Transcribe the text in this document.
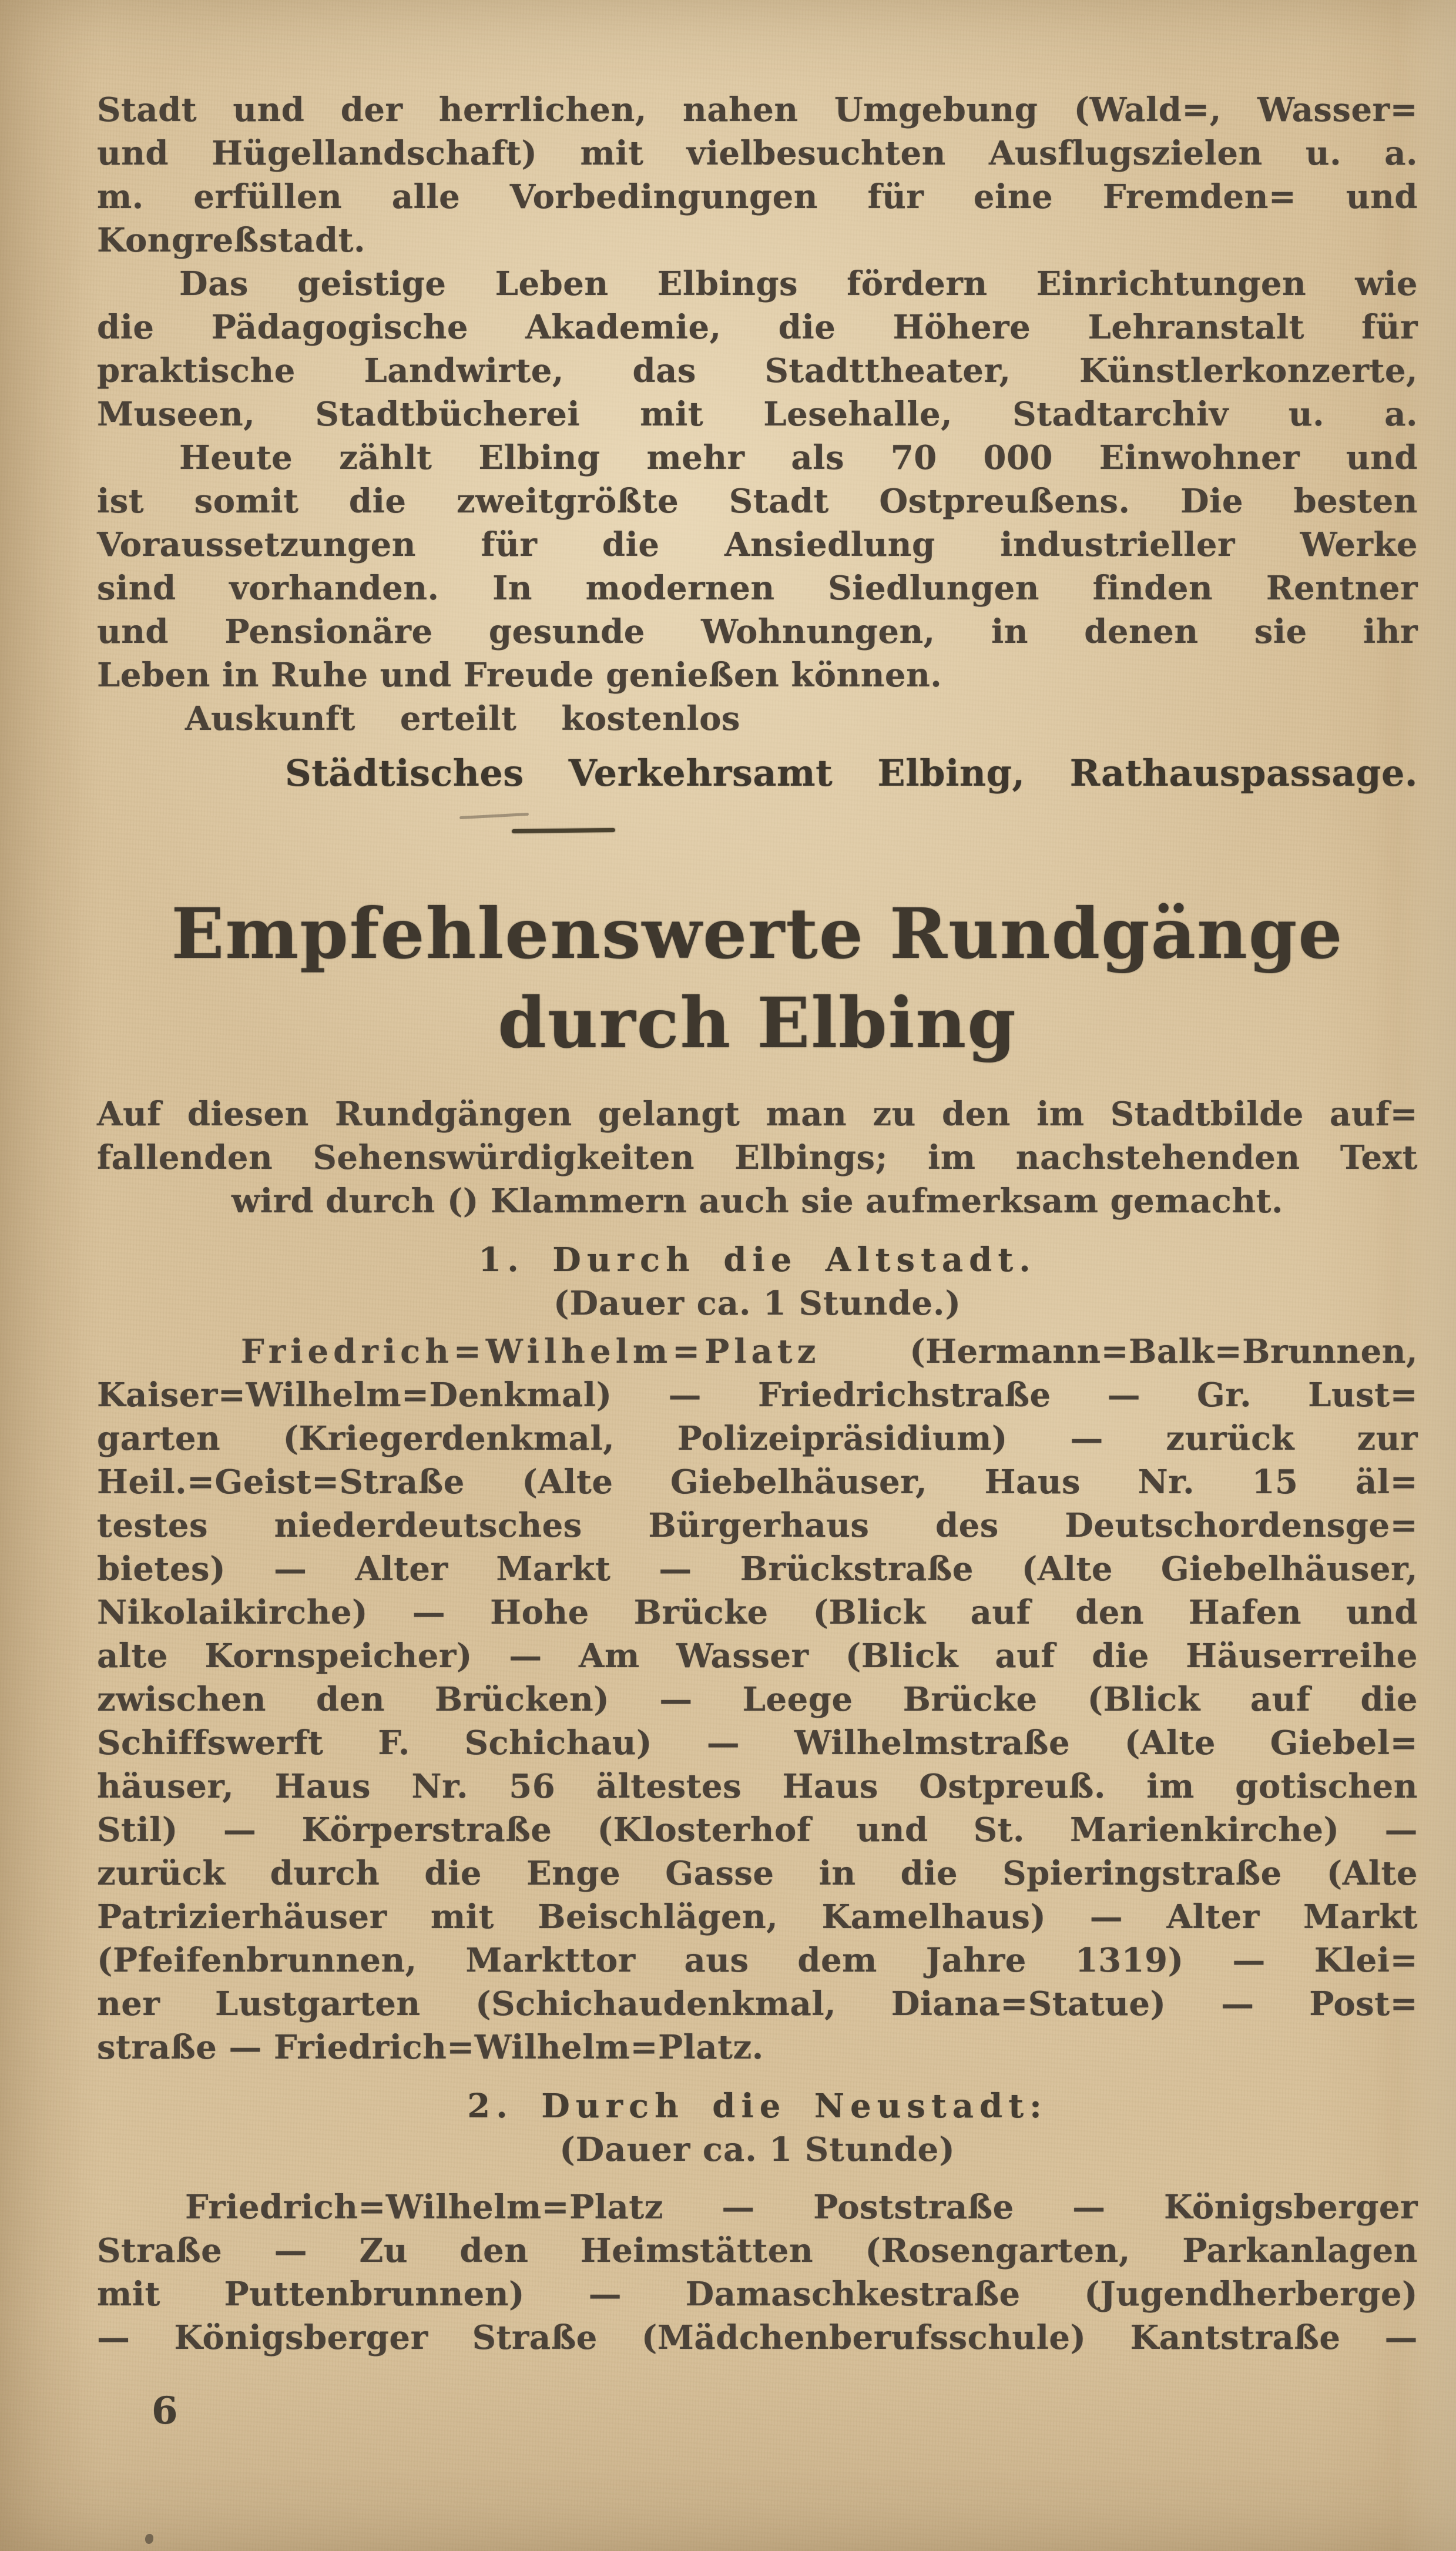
Stadt und der herrlichen, nahen Umgebung (Wald=, Wasser=
und Hügellandschaft) mit vielbesuchten Ausflugszielen u. a.
m. erfüllen alle Vorbedingungen für eine Fremden= und
Kongreßstadt.

Das geistige Leben Elbings fördern Einrichtungen wie
die Pädagogische Akademie, die Höhere Lehranstalt für
praktische Landwirte, das Stadttheater, Künstlerkonzerte,
Museen, Stadtbücherei mit Lesehalle, Stadtarchiv u. a.

Heute zählt Elbing mehr als 70 000 Einwohner und
ist somit die zweitgrößte Stadt Ostpreußens. Die besten
Voraussetzungen für die Ansiedlung industrieller Werke
sind vorhanden. In modernen Siedlungen finden Rentner
und Pensionäre gesunde Wohnungen, in denen sie ihr
Leben in Ruhe und Freude genießen können.

Auskunft erteilt kostenlos
Städtisches Verkehrsamt Elbing, Rathauspassage.
Empfehlenswerte Rundgänge
durch Elbing

Auf diesen Rundgängen gelangt man zu den im Stadtbilde auf=
fallenden Sehenswürdigkeiten Elbings; im nachstehenden Text
wird durch () Klammern auch sie aufmerksam gemacht.

1. Durch die Altstadt.
(Dauer ca. 1 Stunde.)

Friedrich=Wilhelm=Platz	(Hermann=Balk=Brunnen,
Kaiser=Wilhelm=Denkmal) — Friedrichstraße — Gr. Lust=
garten (Kriegerdenkmal, Polizeipräsidium) — zurück zur
Heil.=Geist=Straße (Alte Giebelhäuser, Haus Nr. 15 äl=
testes niederdeutsches Bürgerhaus des Deutschordensge=
bietes) — Alter Markt — Brückstraße (Alte Giebelhäuser,
Nikolaikirche) — Hohe Brücke (Blick auf den Hafen und
alte Kornspeicher) — Am Wasser (Blick auf die Häuserreihe
zwischen den Brücken) — Leege Brücke (Blick auf die
Schiffswerft F. Schichau) — Wilhelmstraße (Alte Giebel=
häuser, Haus Nr. 56 ältestes Haus Ostpreuß. im gotischen
Stil) — Körperstraße (Klosterhof und St. Marienkirche) —
zurück durch die Enge Gasse in die Spieringstraße (Alte
Patrizierhäuser mit Beischlägen, Kamelhaus) — Alter Markt
(Pfeifenbrunnen, Markttor aus dem Jahre 1319) — Klei=
ner Lustgarten (Schichaudenkmal, Diana=Statue) — Post=
straße — Friedrich=Wilhelm=Platz.

2. Durch die Neustadt:
(Dauer ca. 1 Stunde)

Friedrich=Wilhelm=Platz — Poststraße — Königsberger
Straße — Zu den Heimstätten (Rosengarten, Parkanlagen
mit Puttenbrunnen) — Damaschkestraße (Jugendherberge)
— Königsberger Straße (Mädchenberufsschule) Kantstraße —

6
